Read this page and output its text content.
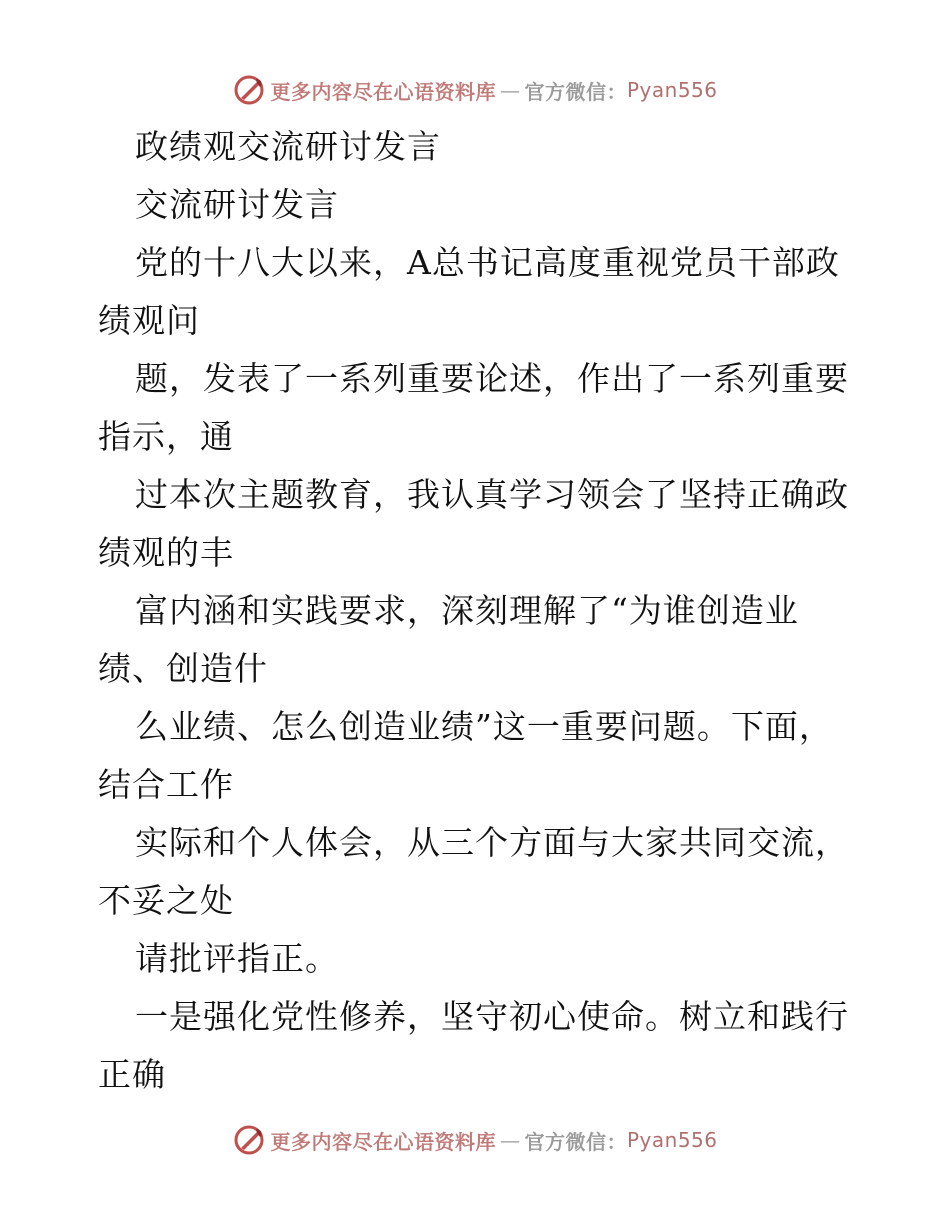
更多内容尽在心语资料库 — 官方微信： Pyan556
政绩观交流研讨发言
交流研讨发言
党的十八大以来，A总书记高度重视党员干部政
绩观问
题，发表了一系列重要论述，作出了一系列重要
指示，通
过本次主题教育，我认真学习领会了坚持正确政
绩观的丰
富内涵和实践要求，深刻理解了“为谁创造业
绩、创造什
么业绩、怎么创造业绩”这一重要问题。下面，
结合工作
实际和个人体会，从三个方面与大家共同交流，
不妥之处
请批评指正。
一是强化党性修养，坚守初心使命。树立和践行
正确
更多内容尽在心语资料库 — 官方微信： Pyan556
